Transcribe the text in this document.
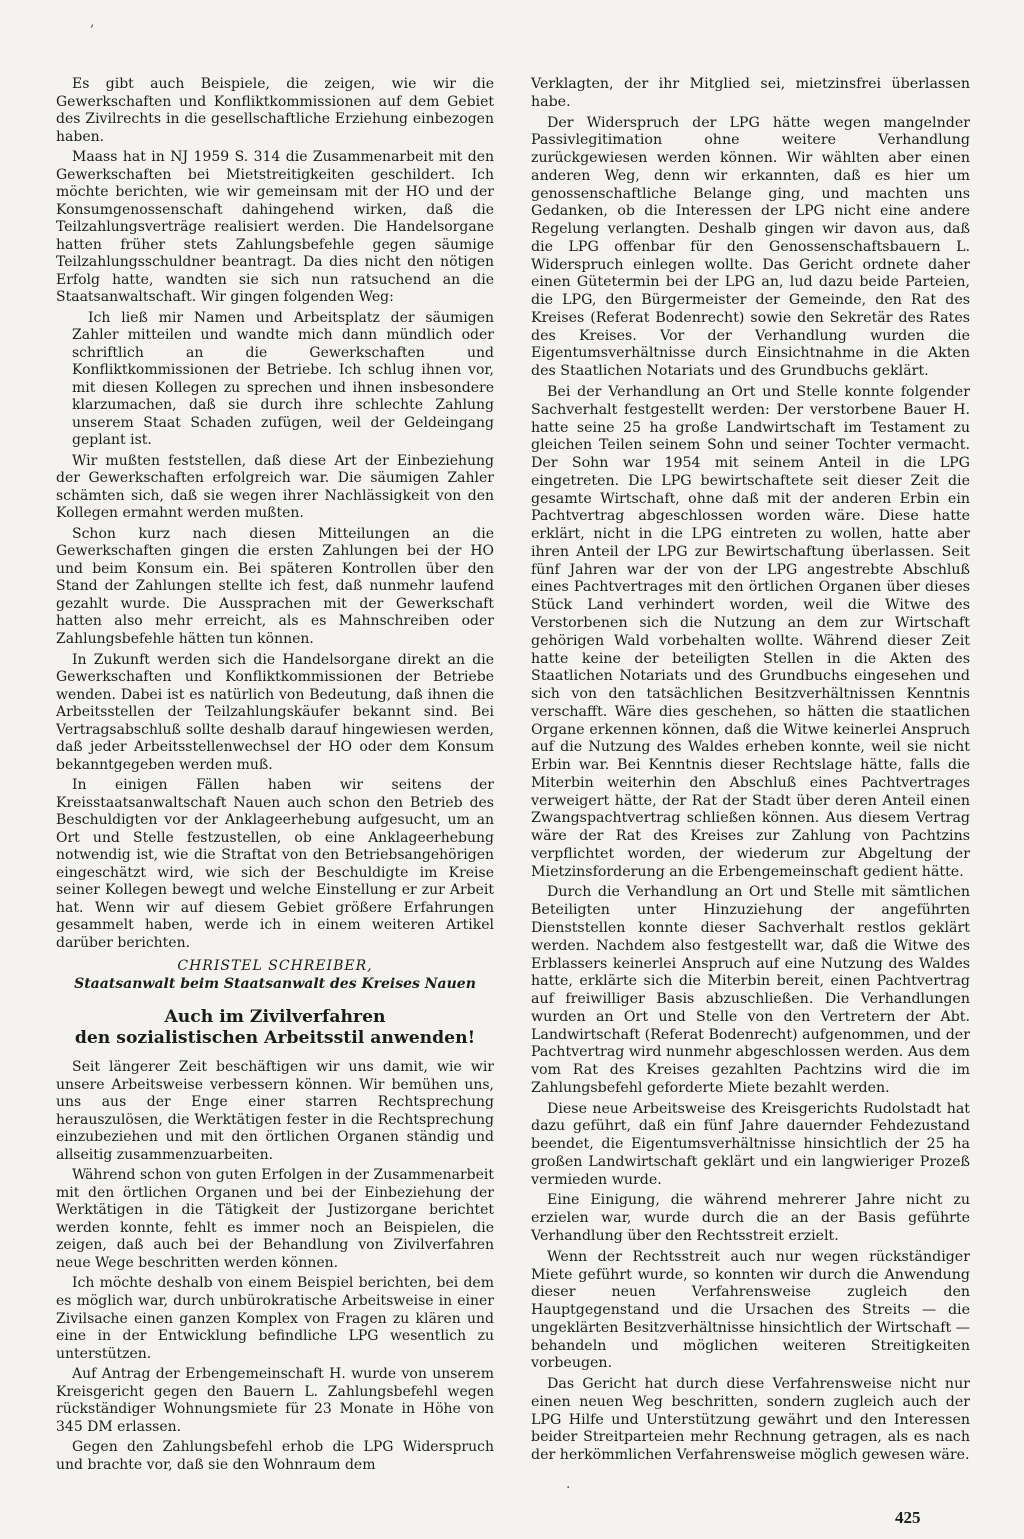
,
·

Es gibt auch Beispiele, die zeigen, wie wir die Gewerkschaften und Konfliktkommissionen auf dem Gebiet des Zivilrechts in die gesellschaftliche Erziehung einbezogen haben.

Maass hat in NJ 1959 S. 314 die Zusammenarbeit mit den Gewerkschaften bei Mietstreitigkeiten geschildert. Ich möchte berichten, wie wir gemeinsam mit der HO und der Konsumgenossenschaft dahingehend wirken, daß die Teilzahlungsverträge realisiert werden. Die Handelsorgane hatten früher stets Zahlungsbefehle gegen säumige Teilzahlungsschuldner beantragt. Da dies nicht den nötigen Erfolg hatte, wandten sie sich nun ratsuchend an die Staatsanwaltschaft. Wir gingen folgenden Weg:

Ich ließ mir Namen und Arbeitsplatz der säumigen Zahler mitteilen und wandte mich dann mündlich oder schriftlich an die Gewerkschaften und Konfliktkommissionen der Betriebe. Ich schlug ihnen vor, mit diesen Kollegen zu sprechen und ihnen insbesondere klarzumachen, daß sie durch ihre schlechte Zahlung unserem Staat Schaden zufügen, weil der Geldeingang geplant ist.

Wir mußten feststellen, daß diese Art der Einbeziehung der Gewerkschaften erfolgreich war. Die säumigen Zahler schämten sich, daß sie wegen ihrer Nachlässigkeit von den Kollegen ermahnt werden mußten.

Schon kurz nach diesen Mitteilungen an die Gewerkschaften gingen die ersten Zahlungen bei der HO und beim Konsum ein. Bei späteren Kontrollen über den Stand der Zahlungen stellte ich fest, daß nunmehr laufend gezahlt wurde. Die Aussprachen mit der Gewerkschaft hatten also mehr erreicht, als es Mahnschreiben oder Zahlungsbefehle hätten tun können.

In Zukunft werden sich die Handelsorgane direkt an die Gewerkschaften und Konfliktkommissionen der Betriebe wenden. Dabei ist es natürlich von Bedeutung, daß ihnen die Arbeitsstellen der Teilzahlungskäufer bekannt sind. Bei Vertragsabschluß sollte deshalb darauf hingewiesen werden, daß jeder Arbeitsstellenwechsel der HO oder dem Konsum bekanntgegeben werden muß.

In einigen Fällen haben wir seitens der Kreisstaatsanwaltschaft Nauen auch schon den Betrieb des Beschuldigten vor der Anklageerhebung aufgesucht, um an Ort und Stelle festzustellen, ob eine Anklageerhebung notwendig ist, wie die Straftat von den Betriebsangehörigen eingeschätzt wird, wie sich der Beschuldigte im Kreise seiner Kollegen bewegt und welche Einstellung er zur Arbeit hat. Wenn wir auf diesem Gebiet größere Erfahrungen gesammelt haben, werde ich in einem weiteren Artikel darüber berichten.

CHRISTEL SCHREIBER,
Staatsanwalt beim Staatsanwalt des Kreises Nauen
Auch im Zivilverfahren
den sozialistischen Arbeitsstil anwenden!

Seit längerer Zeit beschäftigen wir uns damit, wie wir unsere Arbeitsweise verbessern können. Wir bemühen uns, uns aus der Enge einer starren Rechtsprechung herauszulösen, die Werktätigen fester in die Rechtsprechung einzubeziehen und mit den örtlichen Organen ständig und allseitig zusammenzuarbeiten.

Während schon von guten Erfolgen in der Zusammenarbeit mit den örtlichen Organen und bei der Einbeziehung der Werktätigen in die Tätigkeit der Justizorgane berichtet werden konnte, fehlt es immer noch an Beispielen, die zeigen, daß auch bei der Behandlung von Zivilverfahren neue Wege beschritten werden können.

Ich möchte deshalb von einem Beispiel berichten, bei dem es möglich war, durch unbürokratische Arbeitsweise in einer Zivilsache einen ganzen Komplex von Fragen zu klären und eine in der Entwicklung befindliche LPG wesentlich zu unterstützen.

Auf Antrag der Erbengemeinschaft H. wurde von unserem Kreisgericht gegen den Bauern L. Zahlungsbefehl wegen rückständiger Wohnungsmiete für 23 Monate in Höhe von 345 DM erlassen.

Gegen den Zahlungsbefehl erhob die LPG Widerspruch und brachte vor, daß sie den Wohnraum dem

Verklagten, der ihr Mitglied sei, mietzinsfrei überlassen habe.

Der Widerspruch der LPG hätte wegen mangelnder Passivlegitimation ohne weitere Verhandlung zurückgewiesen werden können. Wir wählten aber einen anderen Weg, denn wir erkannten, daß es hier um genossenschaftliche Belange ging, und machten uns Gedanken, ob die Interessen der LPG nicht eine andere Regelung verlangten. Deshalb gingen wir davon aus, daß die LPG offenbar für den Genossenschaftsbauern L. Widerspruch einlegen wollte. Das Gericht ordnete daher einen Gütetermin bei der LPG an, lud dazu beide Parteien, die LPG, den Bürgermeister der Gemeinde, den Rat des Kreises (Referat Bodenrecht) sowie den Sekretär des Rates des Kreises. Vor der Verhandlung wurden die Eigentumsverhältnisse durch Einsichtnahme in die Akten des Staatlichen Notariats und des Grundbuchs geklärt.

Bei der Verhandlung an Ort und Stelle konnte folgender Sachverhalt festgestellt werden: Der verstorbene Bauer H. hatte seine 25 ha große Landwirtschaft im Testament zu gleichen Teilen seinem Sohn und seiner Tochter vermacht. Der Sohn war 1954 mit seinem Anteil in die LPG eingetreten. Die LPG bewirtschaftete seit dieser Zeit die gesamte Wirtschaft, ohne daß mit der anderen Erbin ein Pachtvertrag abgeschlossen worden wäre. Diese hatte erklärt, nicht in die LPG eintreten zu wollen, hatte aber ihren Anteil der LPG zur Bewirtschaftung überlassen. Seit fünf Jahren war der von der LPG angestrebte Abschluß eines Pachtvertrages mit den örtlichen Organen über dieses Stück Land verhindert worden, weil die Witwe des Verstorbenen sich die Nutzung an dem zur Wirtschaft gehörigen Wald vorbehalten wollte. Während dieser Zeit hatte keine der beteiligten Stellen in die Akten des Staatlichen Notariats und des Grundbuchs eingesehen und sich von den tatsächlichen Besitzverhältnissen Kenntnis verschafft. Wäre dies geschehen, so hätten die staatlichen Organe erkennen können, daß die Witwe keinerlei Anspruch auf die Nutzung des Waldes erheben konnte, weil sie nicht Erbin war. Bei Kenntnis dieser Rechtslage hätte, falls die Miterbin weiterhin den Abschluß eines Pachtvertrages verweigert hätte, der Rat der Stadt über deren Anteil einen Zwangspachtvertrag schließen können. Aus diesem Vertrag wäre der Rat des Kreises zur Zahlung von Pachtzins verpflichtet worden, der wiederum zur Abgeltung der Mietzinsforderung an die Erbengemeinschaft gedient hätte.

Durch die Verhandlung an Ort und Stelle mit sämtlichen Beteiligten unter Hinzuziehung der angeführten Dienststellen konnte dieser Sachverhalt restlos geklärt werden. Nachdem also festgestellt war, daß die Witwe des Erblassers keinerlei Anspruch auf eine Nutzung des Waldes hatte, erklärte sich die Miterbin bereit, einen Pachtvertrag auf freiwilliger Basis abzuschließen. Die Verhandlungen wurden an Ort und Stelle von den Vertretern der Abt. Landwirtschaft (Referat Bodenrecht) aufgenommen, und der Pachtvertrag wird nunmehr abgeschlossen werden. Aus dem vom Rat des Kreises gezahlten Pachtzins wird die im Zahlungsbefehl geforderte Miete bezahlt werden.

Diese neue Arbeitsweise des Kreisgerichts Rudolstadt hat dazu geführt, daß ein fünf Jahre dauernder Fehdezustand beendet, die Eigentumsverhältnisse hinsichtlich der 25 ha großen Landwirtschaft geklärt und ein langwieriger Prozeß vermieden wurde.

Eine Einigung, die während mehrerer Jahre nicht zu erzielen war, wurde durch die an der Basis geführte Verhandlung über den Rechtsstreit erzielt.

Wenn der Rechtsstreit auch nur wegen rückständiger Miete geführt wurde, so konnten wir durch die Anwendung dieser neuen Verfahrensweise zugleich den Hauptgegenstand und die Ursachen des Streits — die ungeklärten Besitzverhältnisse hinsichtlich der Wirtschaft — behandeln und möglichen weiteren Streitigkeiten vorbeugen.

Das Gericht hat durch diese Verfahrensweise nicht nur einen neuen Weg beschritten, sondern zugleich auch der LPG Hilfe und Unterstützung gewährt und den Interessen beider Streitparteien mehr Rechnung getragen, als es nach der herkömmlichen Verfahrensweise möglich gewesen wäre.

425
